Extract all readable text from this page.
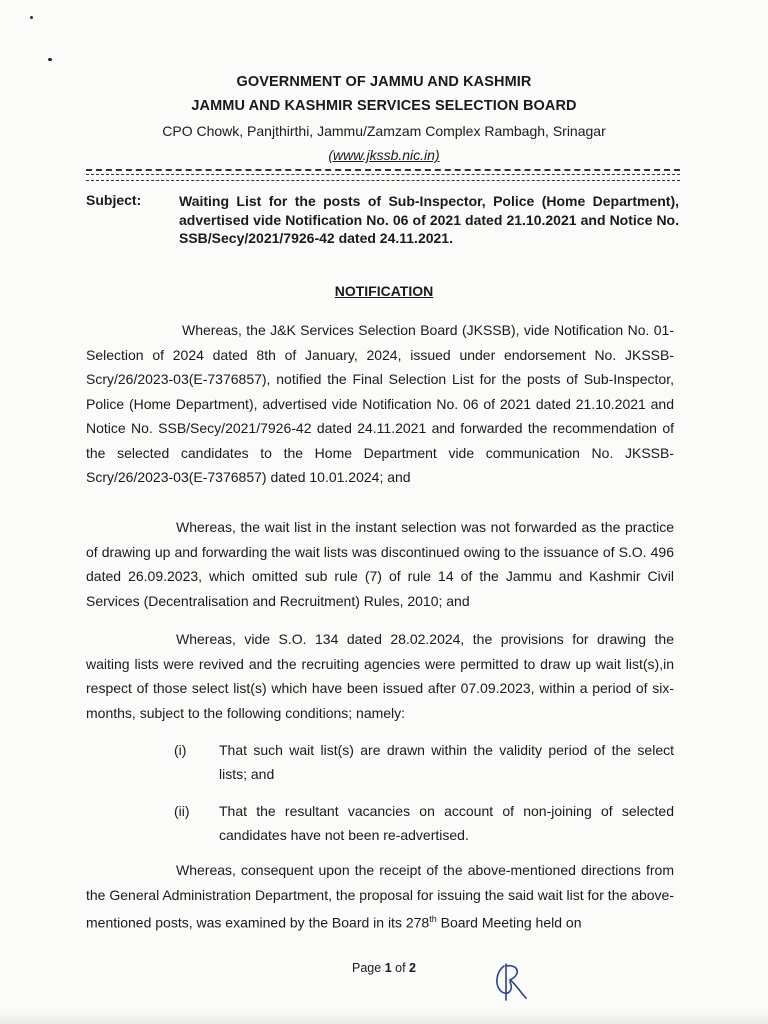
GOVERNMENT OF JAMMU AND KASHMIR
JAMMU AND KASHMIR SERVICES SELECTION BOARD
CPO Chowk, Panjthirthi, Jammu/Zamzam Complex Rambagh, Srinagar
(www.jkssb.nic.in)
Subject:	Waiting List for the posts of Sub-Inspector, Police (Home Department), advertised vide Notification No. 06 of 2021 dated 21.10.2021 and Notice No. SSB/Secy/2021/7926-42 dated 24.11.2021.
NOTIFICATION
Whereas, the J&K Services Selection Board (JKSSB), vide Notification No. 01-Selection of 2024 dated 8th of January, 2024, issued under endorsement No. JKSSB-Scry/26/2023-03(E-7376857), notified the Final Selection List for the posts of Sub-Inspector, Police (Home Department), advertised vide Notification No. 06 of 2021 dated 21.10.2021 and Notice No. SSB/Secy/2021/7926-42 dated 24.11.2021 and forwarded the recommendation of the selected candidates to the Home Department vide communication No. JKSSB-Scry/26/2023-03(E-7376857) dated 10.01.2024; and
Whereas, the wait list in the instant selection was not forwarded as the practice of drawing up and forwarding the wait lists was discontinued owing to the issuance of S.O. 496 dated 26.09.2023, which omitted sub rule (7) of rule 14 of the Jammu and Kashmir Civil Services (Decentralisation and Recruitment) Rules, 2010; and
Whereas, vide S.O. 134 dated 28.02.2024, the provisions for drawing the waiting lists were revived and the recruiting agencies were permitted to draw up wait list(s),in respect of those select list(s) which have been issued after 07.09.2023, within a period of six-months, subject to the following conditions; namely:
(i) That such wait list(s) are drawn within the validity period of the select lists; and
(ii) That the resultant vacancies on account of non-joining of selected candidates have not been re-advertised.
Whereas, consequent upon the receipt of the above-mentioned directions from the General Administration Department, the proposal for issuing the said wait list for the above-mentioned posts, was examined by the Board in its 278th Board Meeting held on
Page 1 of 2
